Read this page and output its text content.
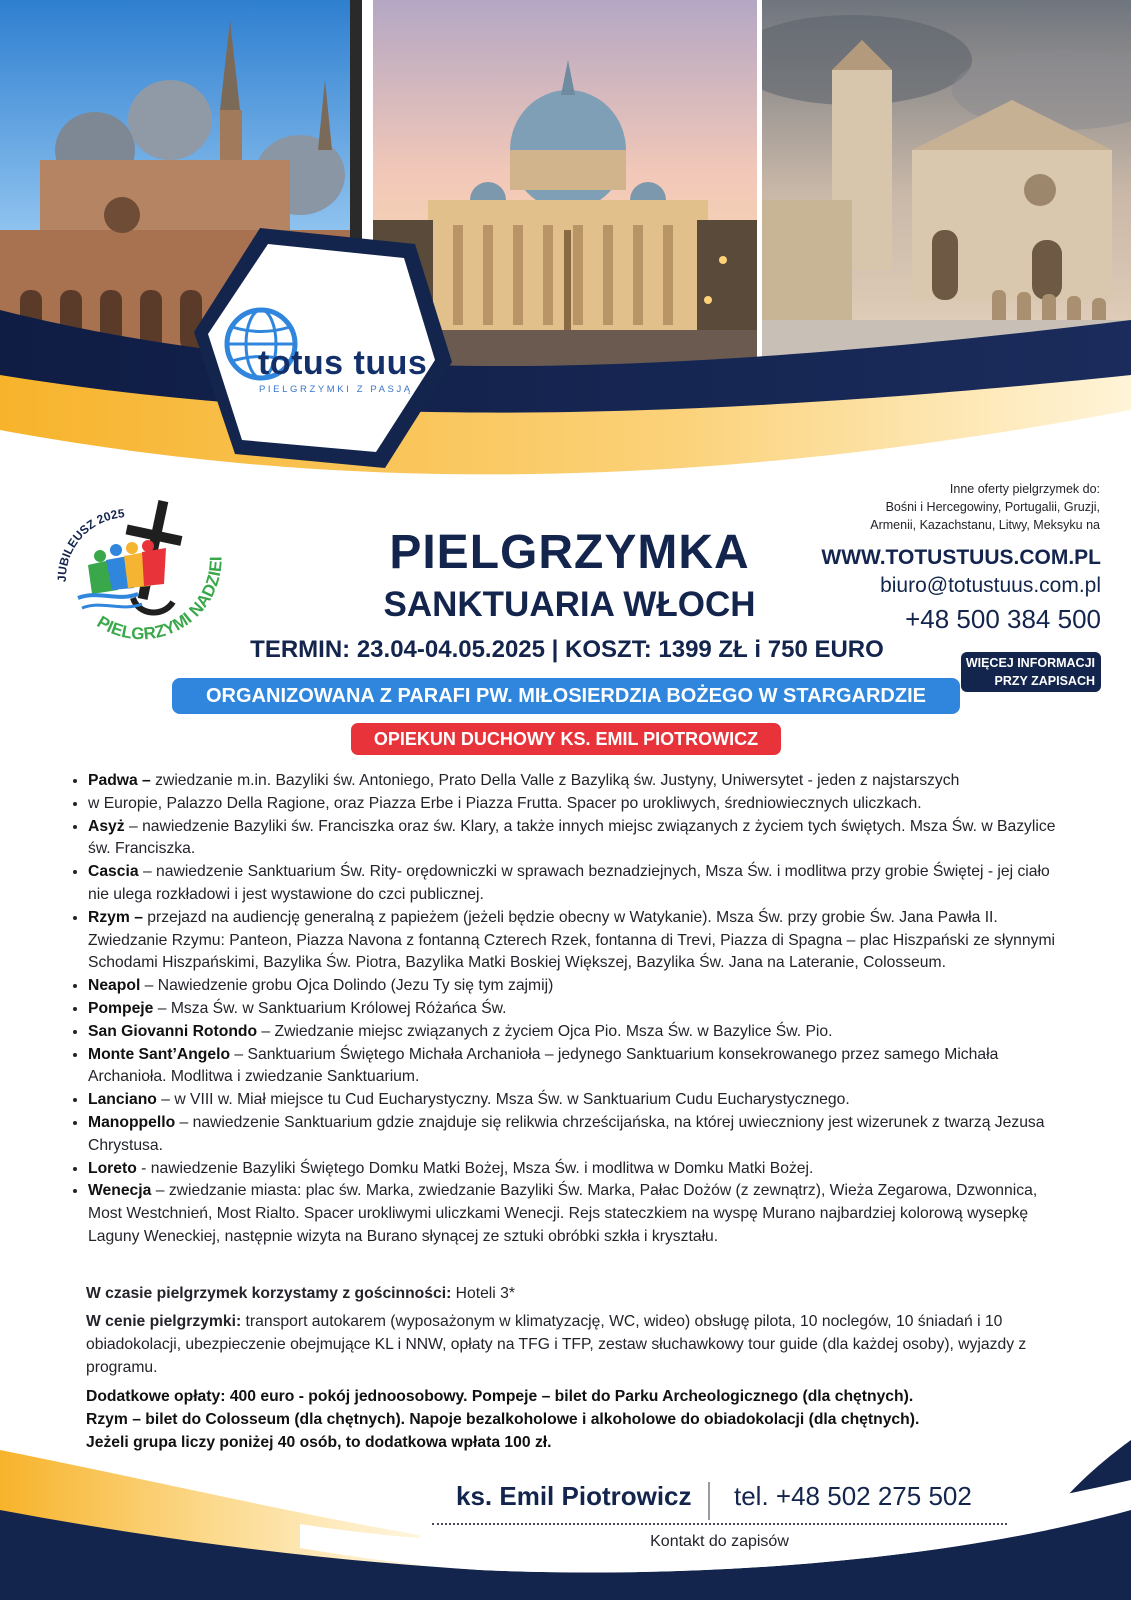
totus tuus
PIELGRZYMKI Z PASJĄ
JUBILEUSZ 2025
PIELGRZYMI NADZIEI	PIELGRZYMKA
SANKTUARIA WŁOCH
TERMIN: 23.04-04.05.2025 | KOSZT: 1399 ZŁ i 750 EURO
ORGANIZOWANA Z PARAFI PW. MIŁOSIERDZIA BOŻEGO W STARGARDZIE
OPIEKUN DUCHOWY KS. EMIL PIOTROWICZ
Inne oferty pielgrzymek do:
Bośni i Hercegowiny, Portugalii, Gruzji,
Armenii, Kazachstanu, Litwy, Meksyku na
WWW.TOTUSTUUS.COM.PL
biuro@totustuus.com.pl
+48 500 384 500
WIĘCEJ INFORMACJI
PRZY ZAPISACH
• Padwa – zwiedzanie m.in. Bazyliki św. Antoniego, Prato Della Valle z Bazyliką św. Justyny, Uniwersytet - jeden z najstarszych
• w Europie, Palazzo Della Ragione, oraz Piazza Erbe i Piazza Frutta. Spacer po urokliwych, średniowiecznych uliczkach.
• Asyż – nawiedzenie Bazyliki św. Franciszka oraz św. Klary, a także innych miejsc związanych z życiem tych świętych. Msza Św. w Bazylice św. Franciszka.
• Cascia – nawiedzenie Sanktuarium Św. Rity- orędowniczki w sprawach beznadziejnych, Msza Św. i modlitwa przy grobie Świętej - jej ciało nie ulega rozkładowi i jest wystawione do czci publicznej.
• Rzym – przejazd na audiencję generalną z papieżem (jeżeli będzie obecny w Watykanie). Msza Św. przy grobie Św. Jana Pawła II. Zwiedzanie Rzymu: Panteon, Piazza Navona z fontanną Czterech Rzek, fontanna di Trevi, Piazza di Spagna – plac Hiszpański ze słynnymi Schodami Hiszpańskimi, Bazylika Św. Piotra, Bazylika Matki Boskiej Większej, Bazylika Św. Jana na Lateranie, Colosseum.
• Neapol – Nawiedzenie grobu Ojca Dolindo (Jezu Ty się tym zajmij)
• Pompeje – Msza Św. w Sanktuarium Królowej Różańca Św.
• San Giovanni Rotondo – Zwiedzanie miejsc związanych z życiem Ojca Pio. Msza Św. w Bazylice Św. Pio.
• Monte Sant’Angelo – Sanktuarium Świętego Michała Archanioła – jedynego Sanktuarium konsekrowanego przez samego Michała Archanioła. Modlitwa i zwiedzanie Sanktuarium.
• Lanciano – w VIII w. Miał miejsce tu Cud Eucharystyczny. Msza Św. w Sanktuarium Cudu Eucharystycznego.
• Manoppello – nawiedzenie Sanktuarium gdzie znajduje się relikwia chrześcijańska, na której uwieczniony jest wizerunek z twarzą Jezusa Chrystusa.
• Loreto - nawiedzenie Bazyliki Świętego Domku Matki Bożej, Msza Św. i modlitwa w Domku Matki Bożej.
• Wenecja – zwiedzanie miasta: plac św. Marka, zwiedzanie Bazyliki Św. Marka, Pałac Dożów (z zewnątrz), Wieża Zegarowa, Dzwonnica, Most Westchnień, Most Rialto. Spacer urokliwymi uliczkami Wenecji. Rejs stateczkiem na wyspę Murano najbardziej kolorową wysepkę Laguny Weneckiej, następnie wizyta na Burano słynącej ze sztuki obróbki szkła i kryształu.
W czasie pielgrzymek korzystamy z gościnności: Hoteli 3*
W cenie pielgrzymki: transport autokarem (wyposażonym w klimatyzację, WC, wideo) obsługę pilota, 10 noclegów, 10 śniadań i 10 obiadokolacji, ubezpieczenie obejmujące KL i NNW, opłaty na TFG i TFP, zestaw słuchawkowy tour guide (dla każdej osoby), wyjazdy z programu.
Dodatkowe opłaty: 400 euro - pokój jednoosobowy. Pompeje – bilet do Parku Archeologicznego (dla chętnych).
Rzym – bilet do Colosseum (dla chętnych). Napoje bezalkoholowe i alkoholowe do obiadokolacji (dla chętnych).
Jeżeli grupa liczy poniżej 40 osób, to dodatkowa wpłata 100 zł.
ks. Emil Piotrowicz tel. +48 502 275 502
Kontakt do zapisów
